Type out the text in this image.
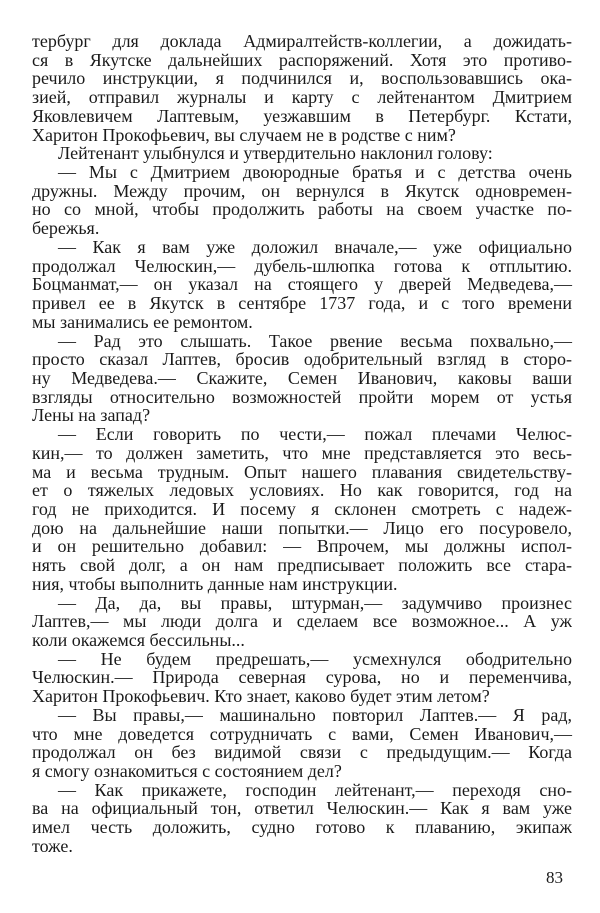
тербург для доклада Адмиралтейств-коллегии, а дожидать-
ся в Якутске дальнейших распоряжений. Хотя это противо-
речило инструкции, я подчинился и, воспользовавшись ока-
зией, отправил журналы и карту с лейтенантом Дмитрием
Яковлевичем Лаптевым, уезжавшим в Петербург. Кстати,
Харитон Прокофьевич, вы случаем не в родстве с ним?
Лейтенант улыбнулся и утвердительно наклонил голову:
— Мы с Дмитрием двоюродные братья и с детства очень
дружны. Между прочим, он вернулся в Якутск одновремен-
но со мной, чтобы продолжить работы на своем участке по-
бережья.
— Как я вам уже доложил вначале,— уже официально
продолжал Челюскин,— дубель-шлюпка готова к отплытию.
Боцманмат,— он указал на стоящего у дверей Медведева,—
привел ее в Якутск в сентябре 1737 года, и с того времени
мы занимались ее ремонтом.
— Рад это слышать. Такое рвение весьма похвально,—
просто сказал Лаптев, бросив одобрительный взгляд в сторо-
ну Медведева.— Скажите, Семен Иванович, каковы ваши
взгляды относительно возможностей пройти морем от устья
Лены на запад?
— Если говорить по чести,— пожал плечами Челюс-
кин,— то должен заметить, что мне представляется это весь-
ма и весьма трудным. Опыт нашего плавания свидетельству-
ет о тяжелых ледовых условиях. Но как говорится, год на
год не приходится. И посему я склонен смотреть с надеж-
дою на дальнейшие наши попытки.— Лицо его посуровело,
и он решительно добавил: — Впрочем, мы должны испол-
нять свой долг, а он нам предписывает положить все стара-
ния, чтобы выполнить данные нам инструкции.
— Да, да, вы правы, штурман,— задумчиво произнес
Лаптев,— мы люди долга и сделаем все возможное... А уж
коли окажемся бессильны...
— Не будем предрешать,— усмехнулся ободрительно
Челюскин.— Природа северная сурова, но и переменчива,
Харитон Прокофьевич. Кто знает, каково будет этим летом?
— Вы правы,— машинально повторил Лаптев.— Я рад,
что мне доведется сотрудничать с вами, Семен Иванович,—
продолжал он без видимой связи с предыдущим.— Когда
я смогу ознакомиться с состоянием дел?
— Как прикажете, господин лейтенант,— переходя сно-
ва на официальный тон, ответил Челюскин.— Как я вам уже
имел честь доложить, судно готово к плаванию, экипаж
тоже.
83
